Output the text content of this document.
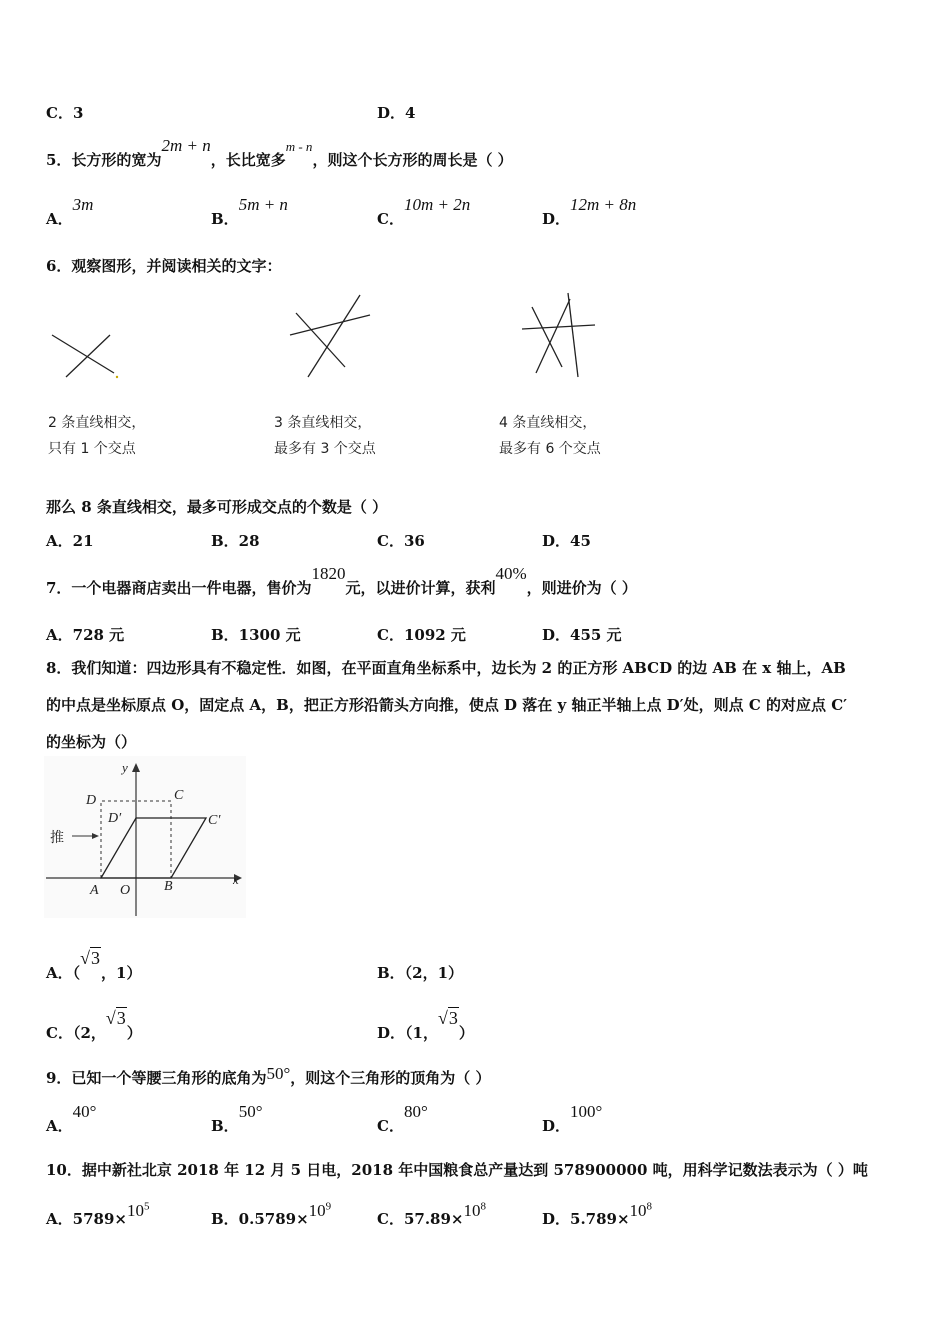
C．3	D．4
5．长方形的宽为2m + n，长比宽多m - n，则这个长方形的周长是（ ）
A．3m
B．5m + n
C．10m + 2n
D．12m + 8n
6．观察图形，并阅读相关的文字：
2 条直线相交，
只有 1 个交点
3 条直线相交，
最多有 3 个交点
4 条直线相交，
最多有 6 个交点
那么 8 条直线相交，最多可形成交点的个数是（ ）
A．21	B．28	C．36	D．45
7．一个电器商店卖出一件电器，售价为1820元，以进价计算，获利40%，则进价为（ ）
A．728 元	B．1300 元	C．1092 元	D．455 元
8．我们知道：四边形具有不稳定性．如图，在平面直角坐标系中，边长为 2 的正方形 ABCD 的边 AB 在 x 轴上，AB
的中点是坐标原点 O，固定点 A，B，把正方形沿箭头方向推，使点 D 落在 y 轴正半轴上点 D′处，则点 C 的对应点 C′
的坐标为（）
推
y
x
D	C
D′	C′
A O B
A．（√3，1）	B．（2，1）
C．（2，√3）	D．（1，√3）
9．已知一个等腰三角形的底角为50°，则这个三角形的顶角为（ ）
A．40°
B．50°
C．80°
D．100°
10．据中新社北京 2018 年 12 月 5 日电，2018 年中国粮食总产量达到 578900000 吨，用科学记数法表示为（ ）吨
A．$5789\times 10^5$
B．$0.5789\times 10^9$
C．$57.89\times 10^8$
D．$5.789\times 10^8$
